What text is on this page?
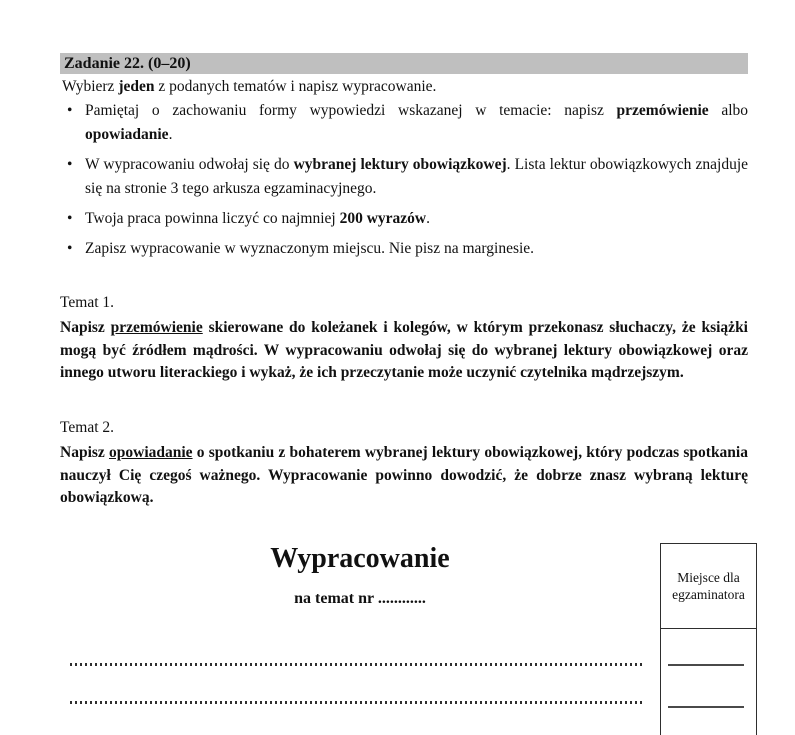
Zadanie 22. (0–20)
Wybierz jeden z podanych tematów i napisz wypracowanie.
• Pamiętaj o zachowaniu formy wypowiedzi wskazanej w temacie: napisz przemówienie albo opowiadanie.
• W wypracowaniu odwołaj się do wybranej lektury obowiązkowej. Lista lektur obowiązkowych znajduje się na stronie 3 tego arkusza egzaminacyjnego.
• Twoja praca powinna liczyć co najmniej 200 wyrazów.
• Zapisz wypracowanie w wyznaczonym miejscu. Nie pisz na marginesie.
Temat 1.
Napisz przemówienie skierowane do koleżanek i kolegów, w którym przekonasz słuchaczy, że książki mogą być źródłem mądrości. W wypracowaniu odwołaj się do wybranej lektury obowiązkowej oraz innego utworu literackiego i wykaż, że ich przeczytanie może uczynić czytelnika mądrzejszym.
Temat 2.
Napisz opowiadanie o spotkaniu z bohaterem wybranej lektury obowiązkowej, który podczas spotkania nauczył Cię czegoś ważnego. Wypracowanie powinno dowodzić, że dobrze znasz wybraną lekturę obowiązkową.
Wypracowanie
na temat nr ............
Miejsce dla egzaminatora
